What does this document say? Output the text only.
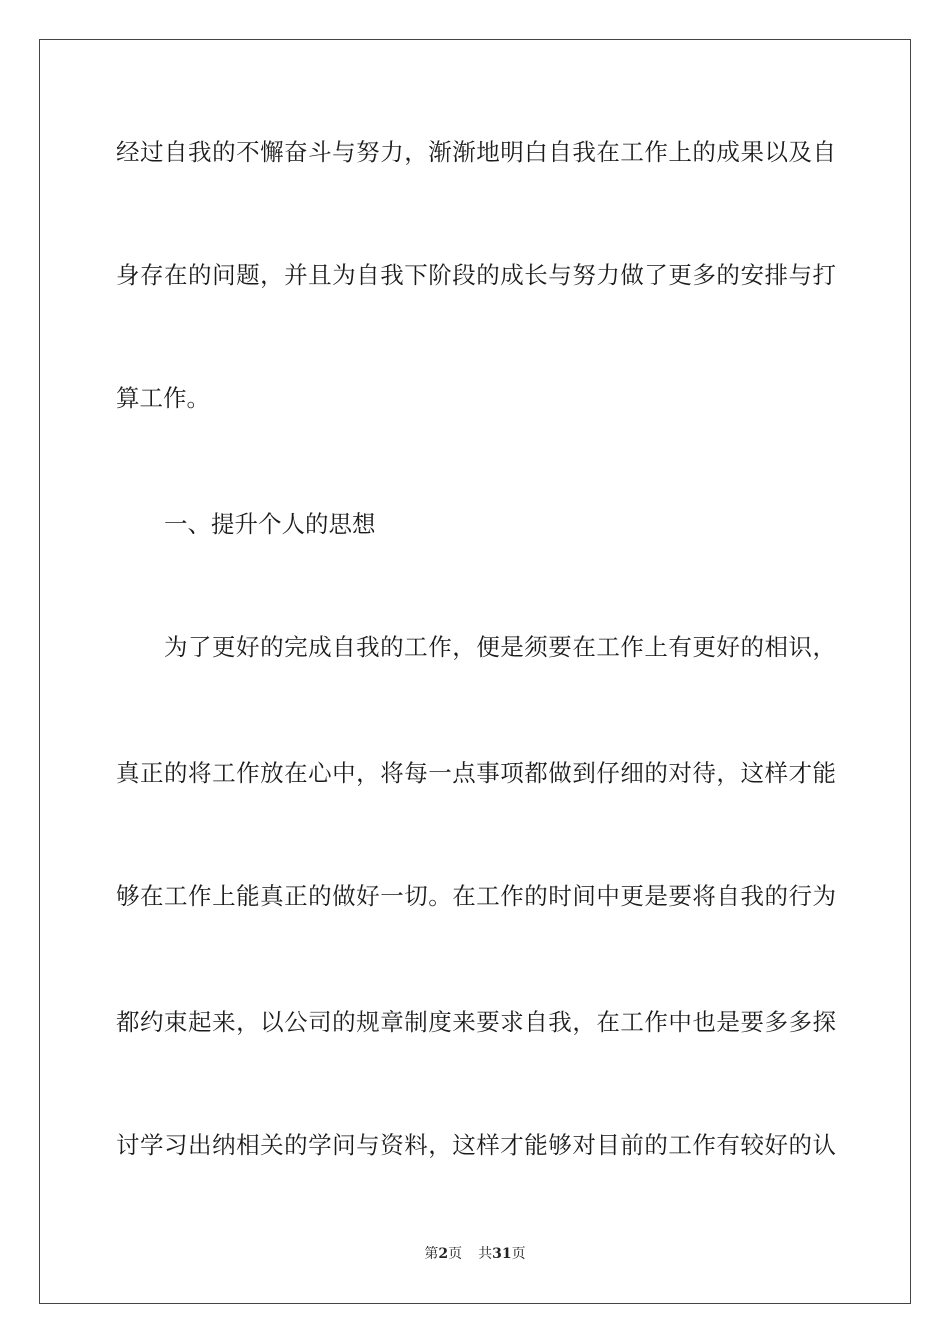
经过自我的不懈奋斗与努力，渐渐地明白自我在工作上的成果以及自
身存在的问题，并且为自我下阶段的成长与努力做了更多的安排与打
算工作。
一、提升个人的思想
为了更好的完成自我的工作，便是须要在工作上有更好的相识，
真正的将工作放在心中，将每一点事项都做到仔细的对待，这样才能
够在工作上能真正的做好一切。在工作的时间中更是要将自我的行为
都约束起来，以公司的规章制度来要求自我，在工作中也是要多多探
讨学习出纳相关的学问与资料，这样才能够对目前的工作有较好的认
第2页 共31页
